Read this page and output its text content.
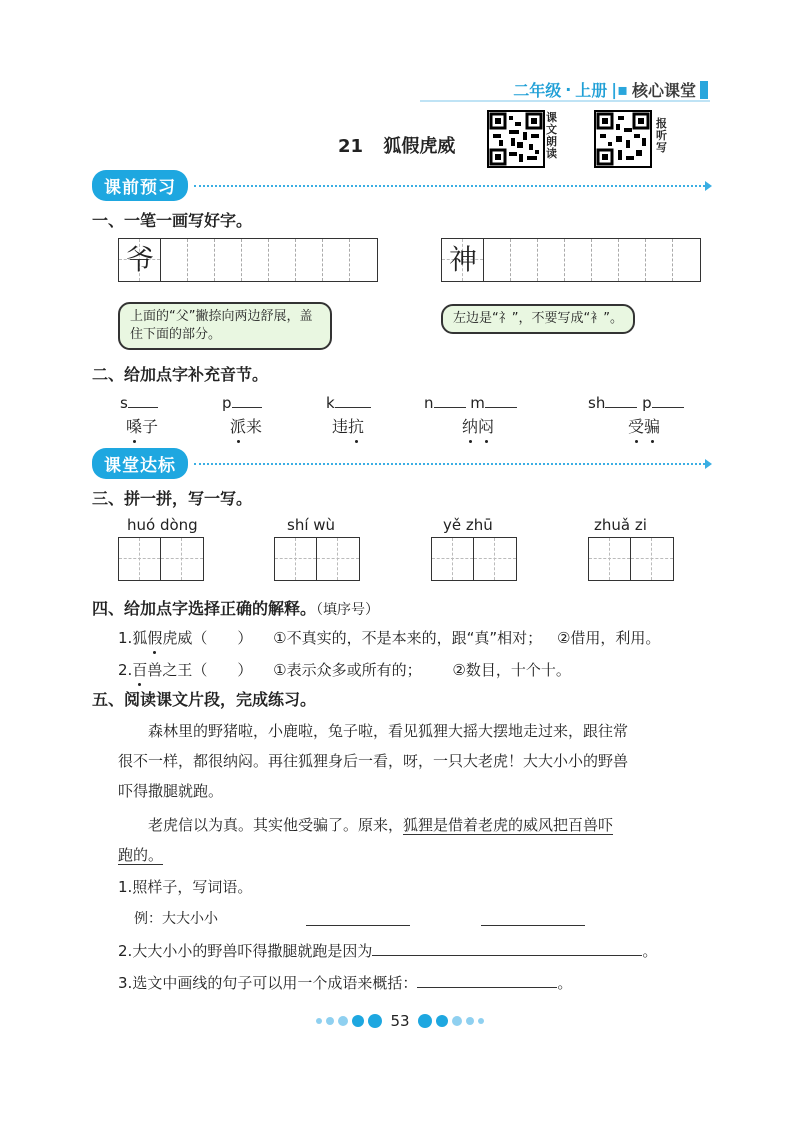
二年级 · 上册 |▪ 核心课堂
21 狐假虎威
课文朗读
报听写
课前预习
一、一笔一画写好字。
爷	神
上面的“父”撇捺向两边舒展，盖住下面的部分。
左边是“礻”，不要写成“衤”。
二、给加点字补充音节。
s
嗓子
p
派来
k
违抗
n m
纳闷
sh p
受骗
课堂达标
三、拼一拼，写一写。
huó dòng	shí wù	yě zhū	zhuǎ zi
四、给加点字选择正确的解释。（填序号）
1.狐假虎威（　　） ①不真实的，不是本来的，跟“真”相对； ②借用，利用。
2.百兽之王（　　） ①表示众多或所有的； ②数目，十个十。
五、阅读课文片段，完成练习。
森林里的野猪啦，小鹿啦，兔子啦，看见狐狸大摇大摆地走过来，跟往常
很不一样，都很纳闷。再往狐狸身后一看，呀，一只大老虎！大大小小的野兽
吓得撒腿就跑。
老虎信以为真。其实他受骗了。原来，狐狸是借着老虎的威风把百兽吓
跑的。
1.照样子，写词语。
例：大大小小
2.大大小小的野兽吓得撒腿就跑是因为	。
3.选文中画线的句子可以用一个成语来概括：	。
53
